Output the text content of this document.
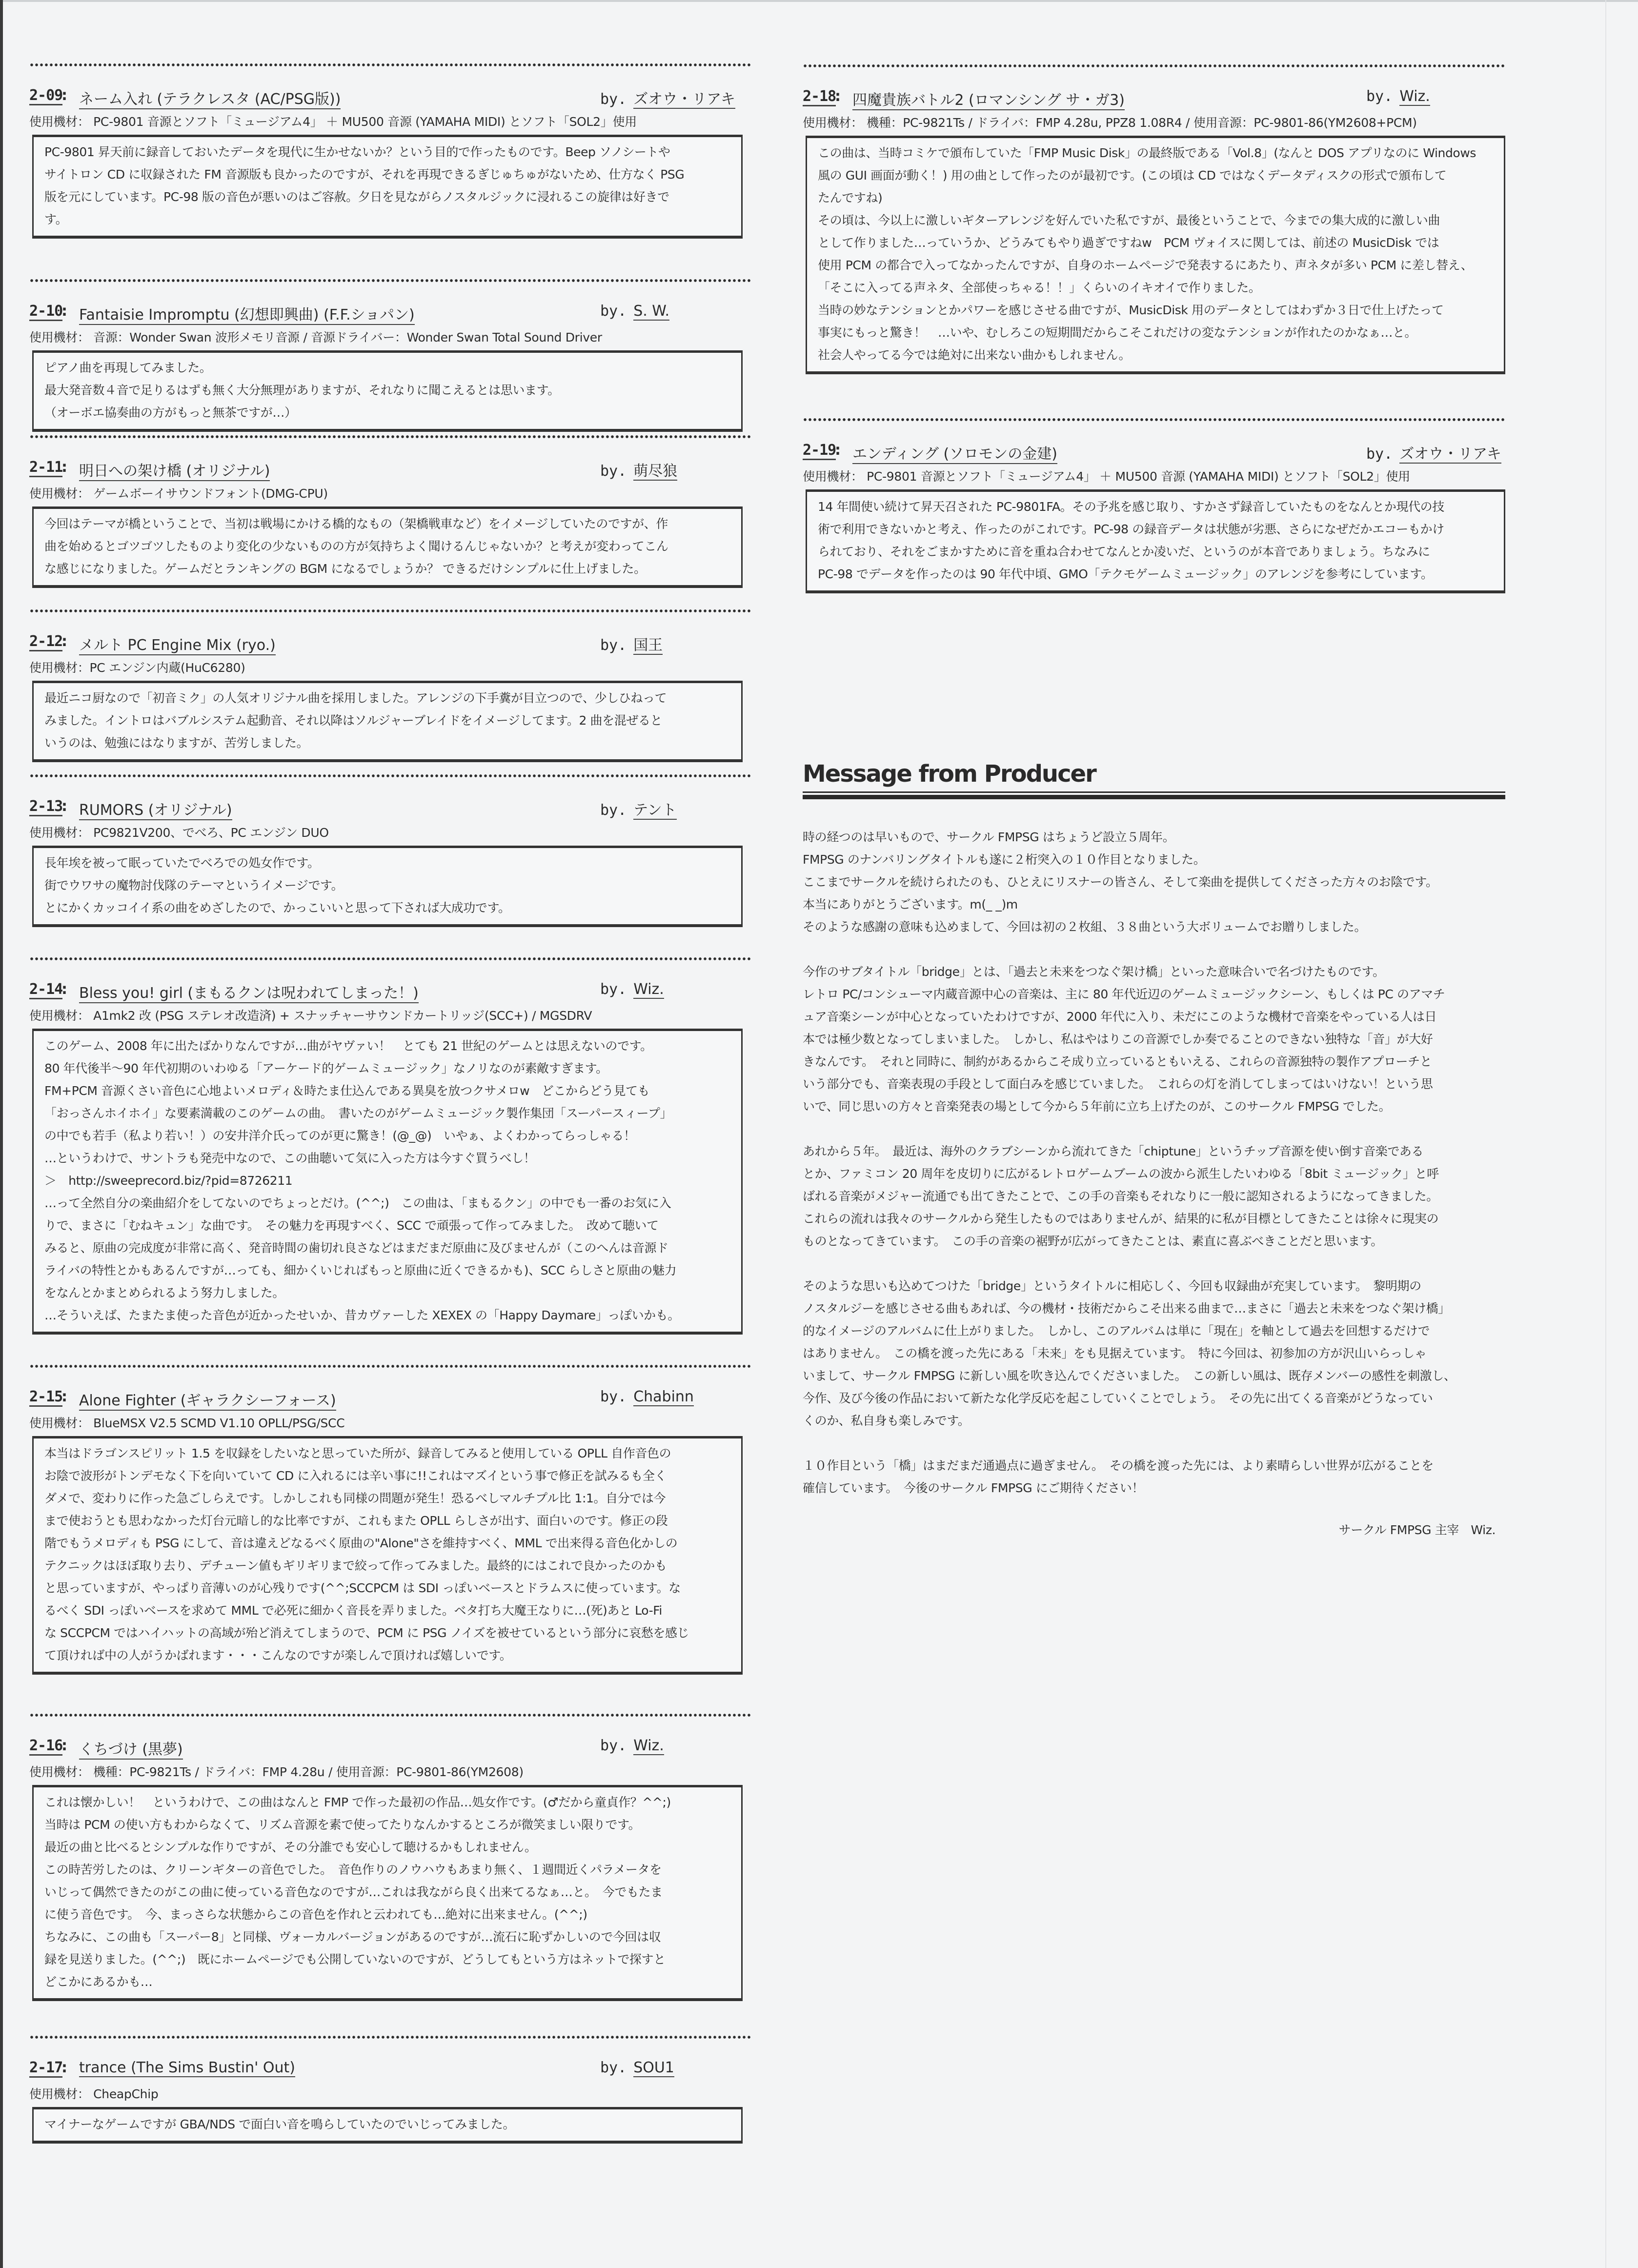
2-09
: ネーム入れ (テラクレスタ (AC/PSG版))	by. ズオウ・リアキ
使用機材： PC-9801 音源とソフト「ミュージアム4」 ＋ MU500 音源 (YAMAHA MIDI) とソフト「SOL2」使用

PC-9801 昇天前に録音しておいたデータを現代に生かせないか？という目的で作ったものです。Beep ソノシートや

サイトロン CD に収録された FM 音源版も良かったのですが、それを再現できるぎじゅちゅがないため、仕方なく PSG

版を元にしています。PC-98 版の音色が悪いのはご容赦。夕日を見ながらノスタルジックに浸れるこの旋律は好きで

す。

2-10
: Fantaisie Impromptu (幻想即興曲) (F.F.ショパン)	by. S. W.
使用機材： 音源：Wonder Swan 波形メモリ音源 / 音源ドライバー：Wonder Swan Total Sound Driver

ピアノ曲を再現してみました。

最大発音数４音で足りるはずも無く大分無理がありますが、それなりに聞こえるとは思います。

（オーボエ協奏曲の方がもっと無茶ですが…）

2-11
: 明日への架け橋 (オリジナル)	by. 萌尽狼
使用機材： ゲームボーイサウンドフォント(DMG-CPU)

今回はテーマが橋ということで、当初は戦場にかける橋的なもの（架橋戦車など）をイメージしていたのですが、作

曲を始めるとゴツゴツしたものより変化の少ないものの方が気持ちよく聞けるんじゃないか？と考えが変わってこん

な感じになりました。ゲームだとランキングの BGM になるでしょうか？ できるだけシンプルに仕上げました。

2-12
: メルト PC Engine Mix (ryo.)	by. 国王
使用機材：PC エンジン内蔵(HuC6280)

最近ニコ厨なので「初音ミク」の人気オリジナル曲を採用しました。アレンジの下手糞が目立つので、少しひねって

みました。イントロはバブルシステム起動音、それ以降はソルジャーブレイドをイメージしてます。2 曲を混ぜると

いうのは、勉強にはなりますが、苦労しました。

2-13
: RUMORS (オリジナル)	by. テント
使用機材： PC9821V200、でべろ、PC エンジン DUO

長年埃を被って眠っていたでべろでの処女作です。

街でウワサの魔物討伐隊のテーマというイメージです。

とにかくカッコイイ系の曲をめざしたので、かっこいいと思って下されば大成功です。

2-14
: Bless you! girl (まもるクンは呪われてしまった！)	by. Wiz.
使用機材： A1mk2 改 (PSG ステレオ改造済) + スナッチャーサウンドカートリッジ(SCC+) / MGSDRV

このゲーム、2008 年に出たばかりなんですが…曲がヤヴァい！　とても 21 世紀のゲームとは思えないのです。

80 年代後半～90 年代初期のいわゆる「アーケード的ゲームミュージック」なノリなのが素敵すぎます。

FM+PCM 音源くさい音色に心地よいメロディ＆時たま仕込んである異臭を放つクサメロw　どこからどう見ても

「おっさんホイホイ」な要素満載のこのゲームの曲。　書いたのがゲームミュージック製作集団「スーパースィープ」

の中でも若手（私より若い！）の安井洋介氏ってのが更に驚き！(@_@)　いやぁ、よくわかってらっしゃる！

…というわけで、サントラも発売中なので、この曲聴いて気に入った方は今すぐ買うべし！

＞　http://sweeprecord.biz/?pid=8726211

…って全然自分の楽曲紹介をしてないのでちょっとだけ。(^^;)　この曲は、「まもるクン」の中でも一番のお気に入

りで、まさに「むねキュン」な曲です。　その魅力を再現すべく、SCC で頑張って作ってみました。　改めて聴いて

みると、原曲の完成度が非常に高く、発音時間の歯切れ良さなどはまだまだ原曲に及びませんが（このへんは音源ド

ライバの特性とかもあるんですが…っても、細かくいじればもっと原曲に近くできるかも)、SCC らしさと原曲の魅力

をなんとかまとめられるよう努力しました。

…そういえば、たまたま使った音色が近かったせいか、昔カヴァーした XEXEX の「Happy Daymare」っぽいかも。

2-15
: Alone Fighter (ギャラクシーフォース)	by. Chabinn
使用機材： BlueMSX V2.5 SCMD V1.10 OPLL/PSG/SCC

本当はドラゴンスピリット 1.5 を収録をしたいなと思っていた所が、録音してみると使用している OPLL 自作音色の

お陰で波形がトンデモなく下を向いていて CD に入れるには辛い事に!!これはマズイという事で修正を試みるも全く

ダメで、変わりに作った急ごしらえです。しかしこれも同様の問題が発生！恐るべしマルチプル比 1:1。自分では今

まで使おうとも思わなかった灯台元暗し的な比率ですが、これもまた OPLL らしさが出す、面白いのです。修正の段

階でもうメロディも PSG にして、音は違えどなるべく原曲の"Alone"さを維持すべく、MML で出来得る音色化かしの

テクニックはほぼ取り去り、デチューン値もギリギリまで絞って作ってみました。最終的にはこれで良かったのかも

と思っていますが、やっぱり音薄いのが心残りです(^^;SCCPCM は SDI っぽいベースとドラムスに使っています。な

るべく SDI っぽいベースを求めて MML で必死に細かく音長を弄りました。ベタ打ち大魔王なりに…(死)あと Lo-Fi

な SCCPCM ではハイハットの高域が殆ど消えてしまうので、PCM に PSG ノイズを被せているという部分に哀愁を感じ

て頂ければ中の人がうかばれます・・・こんなのですが楽しんで頂ければ嬉しいです。

2-16
: くちづけ (黒夢)	by. Wiz.
使用機材： 機種：PC-9821Ts / ドライバ：FMP 4.28u / 使用音源：PC-9801-86(YM2608)

これは懐かしい！　というわけで、この曲はなんと FMP で作った最初の作品…処女作です。(♂だから童貞作？^^;)

当時は PCM の使い方もわからなくて、リズム音源を素で使ってたりなんかするところが微笑ましい限りです。

最近の曲と比べるとシンプルな作りですが、その分誰でも安心して聴けるかもしれません。

この時苦労したのは、クリーンギターの音色でした。　音色作りのノウハウもあまり無く、１週間近くパラメータを

いじって偶然できたのがこの曲に使っている音色なのですが…これは我ながら良く出来てるなぁ…と。　今でもたま

に使う音色です。　今、まっさらな状態からこの音色を作れと云われても…絶対に出来ません。(^^;)

ちなみに、この曲も「スーパー8」と同様、ヴォーカルバージョンがあるのですが…流石に恥ずかしいので今回は収

録を見送りました。(^^;)　既にホームページでも公開していないのですが、どうしてもという方はネットで探すと

どこかにあるかも…

2-17
: trance (The Sims Bustin' Out)	by. SOU1
使用機材： CheapChip

マイナーなゲームですが GBA/NDS で面白い音を鳴らしていたのでいじってみました。

2-18
: 四魔貴族バトル2 (ロマンシング サ・ガ3)	by. Wiz.
使用機材： 機種：PC-9821Ts / ドライバ：FMP 4.28u, PPZ8 1.08R4 / 使用音源：PC-9801-86(YM2608+PCM)

この曲は、当時コミケで頒布していた「FMP Music Disk」の最終版である「Vol.8」(なんと DOS アプリなのに Windows

風の GUI 画面が動く！) 用の曲として作ったのが最初です。(この頃は CD ではなくデータディスクの形式で頒布して

たんですね)

その頃は、今以上に激しいギターアレンジを好んでいた私ですが、最後ということで、今までの集大成的に激しい曲

として作りました…っていうか、どうみてもやり過ぎですねw　PCM ヴォイスに関しては、前述の MusicDisk では

使用 PCM の都合で入ってなかったんですが、自身のホームページで発表するにあたり、声ネタが多い PCM に差し替え、

「そこに入ってる声ネタ、全部使っちゃる！！」くらいのイキオイで作りました。

当時の妙なテンションとかパワーを感じさせる曲ですが、MusicDisk 用のデータとしてはわずか３日で仕上げたって

事実にもっと驚き！　…いや、むしろこの短期間だからこそこれだけの変なテンションが作れたのかなぁ…と。

社会人やってる今では絶対に出来ない曲かもしれません。

2-19
: エンディング (ソロモンの金建)	by. ズオウ・リアキ
使用機材： PC-9801 音源とソフト「ミュージアム4」 ＋ MU500 音源 (YAMAHA MIDI) とソフト「SOL2」使用

14 年間使い続けて昇天召された PC-9801FA。その予兆を感じ取り、すかさず録音していたものをなんとか現代の技

術で利用できないかと考え、作ったのがこれです。PC-98 の録音データは状態が劣悪、さらになぜだかエコーもかけ

られており、それをごまかすために音を重ね合わせてなんとか凌いだ、というのが本音でありましょう。ちなみに

PC-98 でデータを作ったのは 90 年代中頃、GMO「テクモゲームミュージック」のアレンジを参考にしています。

Message from Producer

時の経つのは早いもので、サークル FMPSG はちょうど設立５周年。

FMPSG のナンバリングタイトルも遂に２桁突入の１０作目となりました。

ここまでサークルを続けられたのも、ひとえにリスナーの皆さん、そして楽曲を提供してくださった方々のお陰です。

本当にありがとうございます。m(_ _)m

そのような感謝の意味も込めまして、今回は初の２枚組、３８曲という大ボリュームでお贈りしました。

今作のサブタイトル「bridge」とは、「過去と未来をつなぐ架け橋」といった意味合いで名づけたものです。

レトロ PC/コンシューマ内蔵音源中心の音楽は、主に 80 年代近辺のゲームミュージックシーン、もしくは PC のアマチ

ュア音楽シーンが中心となっていたわけですが、2000 年代に入り、未だにこのような機材で音楽をやっている人は日

本では極少数となってしまいました。　しかし、私はやはりこの音源でしか奏でることのできない独特な「音」が大好

きなんです。　それと同時に、制約があるからこそ成り立っているともいえる、これらの音源独特の製作アプローチと

いう部分でも、音楽表現の手段として面白みを感じていました。　これらの灯を消してしまってはいけない！という思

いで、同じ思いの方々と音楽発表の場として今から５年前に立ち上げたのが、このサークル FMPSG でした。

あれから５年。　最近は、海外のクラブシーンから流れてきた「chiptune」というチップ音源を使い倒す音楽である

とか、ファミコン 20 周年を皮切りに広がるレトロゲームブームの波から派生したいわゆる「8bit ミュージック」と呼

ばれる音楽がメジャー流通でも出てきたことで、この手の音楽もそれなりに一般に認知されるようになってきました。

これらの流れは我々のサークルから発生したものではありませんが、結果的に私が目標としてきたことは徐々に現実の

ものとなってきています。　この手の音楽の裾野が広がってきたことは、素直に喜ぶべきことだと思います。

そのような思いも込めてつけた「bridge」というタイトルに相応しく、今回も収録曲が充実しています。　黎明期の

ノスタルジーを感じさせる曲もあれば、今の機材・技術だからこそ出来る曲まで…まさに「過去と未来をつなぐ架け橋」

的なイメージのアルバムに仕上がりました。　しかし、このアルバムは単に「現在」を軸として過去を回想するだけで

はありません。　この橋を渡った先にある「未来」をも見据えています。　特に今回は、初参加の方が沢山いらっしゃ

いまして、サークル FMPSG に新しい風を吹き込んでくださいました。　この新しい風は、既存メンバーの感性を刺激し、

今作、及び今後の作品において新たな化学反応を起こしていくことでしょう。　その先に出てくる音楽がどうなってい

くのか、私自身も楽しみです。

１０作目という「橋」はまだまだ通過点に過ぎません。　その橋を渡った先には、より素晴らしい世界が広がることを

確信しています。　今後のサークル FMPSG にご期待ください！

サークル FMPSG 主宰　Wiz.
